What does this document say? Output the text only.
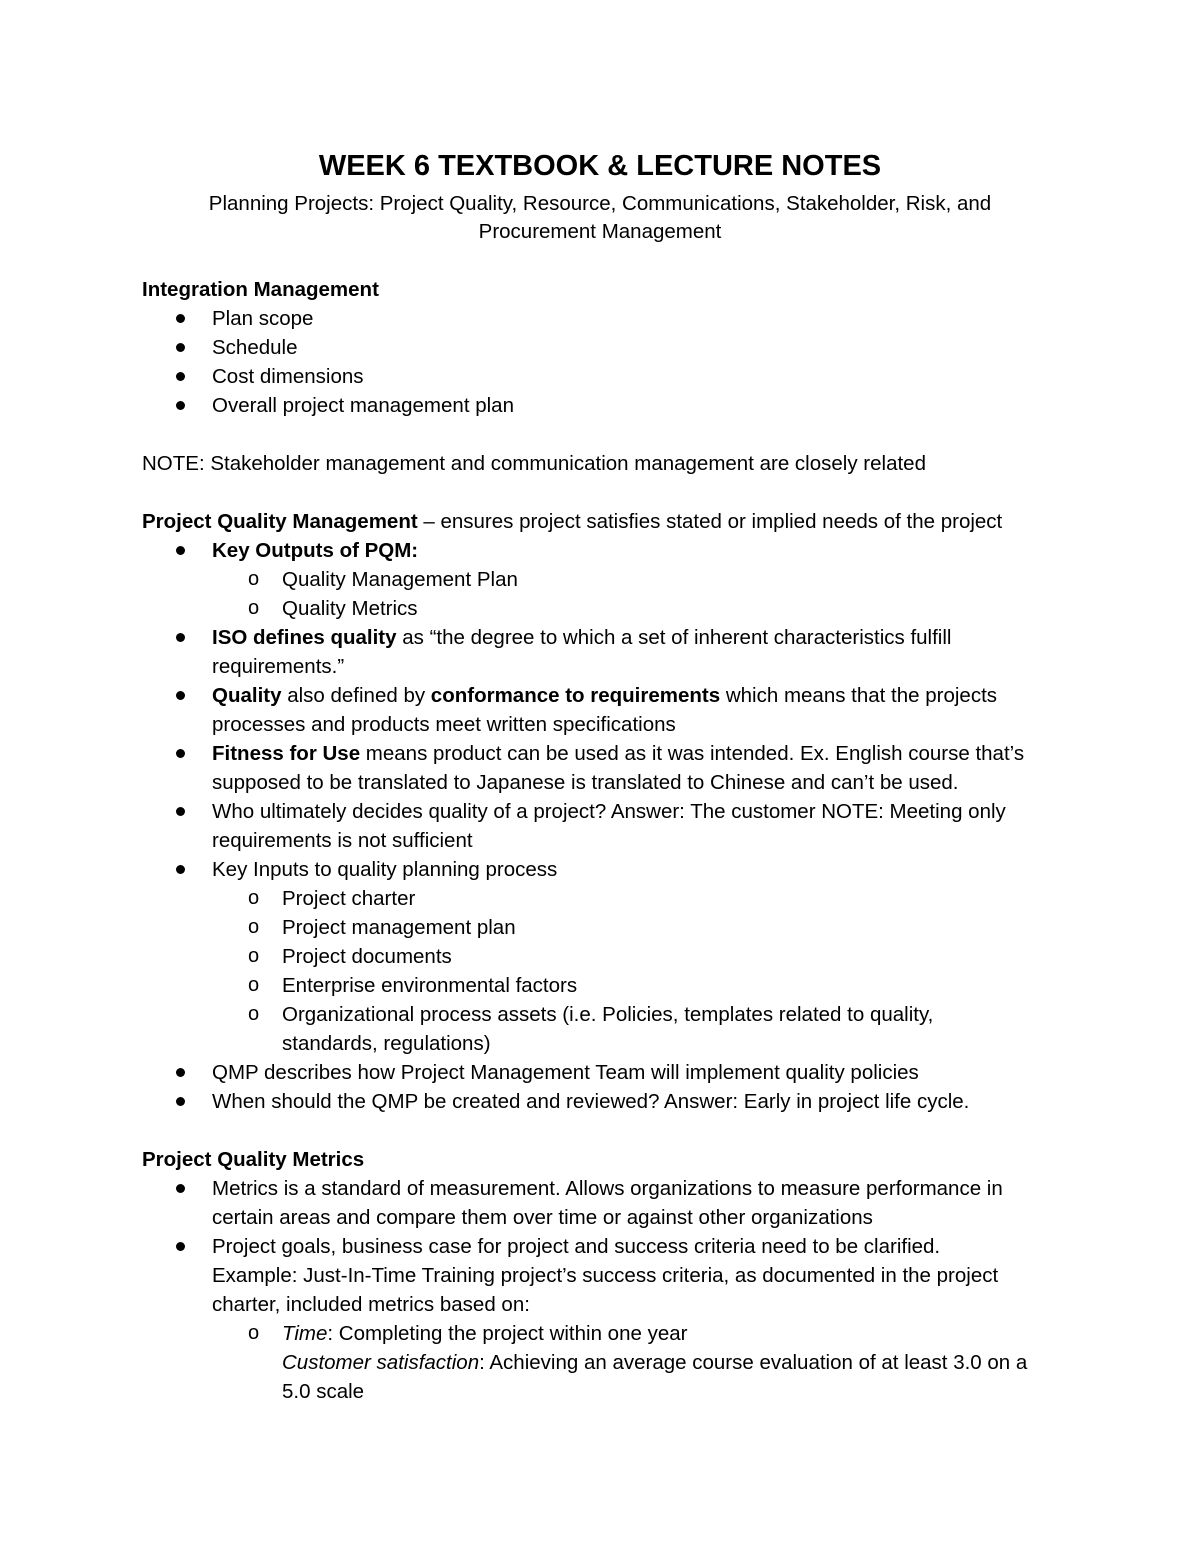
WEEK 6 TEXTBOOK & LECTURE NOTES
Planning Projects: Project Quality, Resource, Communications, Stakeholder, Risk, and
Procurement Management
Integration Management
Plan scope
Schedule
Cost dimensions
Overall project management plan
NOTE: Stakeholder management and communication management are closely related
Project Quality Management – ensures project satisfies stated or implied needs of the project
Key Outputs of PQM:
o Quality Management Plan
o Quality Metrics
ISO defines quality as “the degree to which a set of inherent characteristics fulfill
requirements.”
Quality also defined by conformance to requirements which means that the projects
processes and products meet written specifications
Fitness for Use means product can be used as it was intended. Ex. English course that’s
supposed to be translated to Japanese is translated to Chinese and can’t be used.
Who ultimately decides quality of a project? Answer: The customer NOTE: Meeting only
requirements is not sufficient
Key Inputs to quality planning process
o Project charter
o Project management plan
o Project documents
o Enterprise environmental factors
o Organizational process assets (i.e. Policies, templates related to quality,
standards, regulations)
QMP describes how Project Management Team will implement quality policies
When should the QMP be created and reviewed? Answer: Early in project life cycle.
Project Quality Metrics
Metrics is a standard of measurement. Allows organizations to measure performance in
certain areas and compare them over time or against other organizations
Project goals, business case for project and success criteria need to be clarified.
Example: Just-In-Time Training project’s success criteria, as documented in the project
charter, included metrics based on:
o Time: Completing the project within one year
Customer satisfaction: Achieving an average course evaluation of at least 3.0 on a
5.0 scale
